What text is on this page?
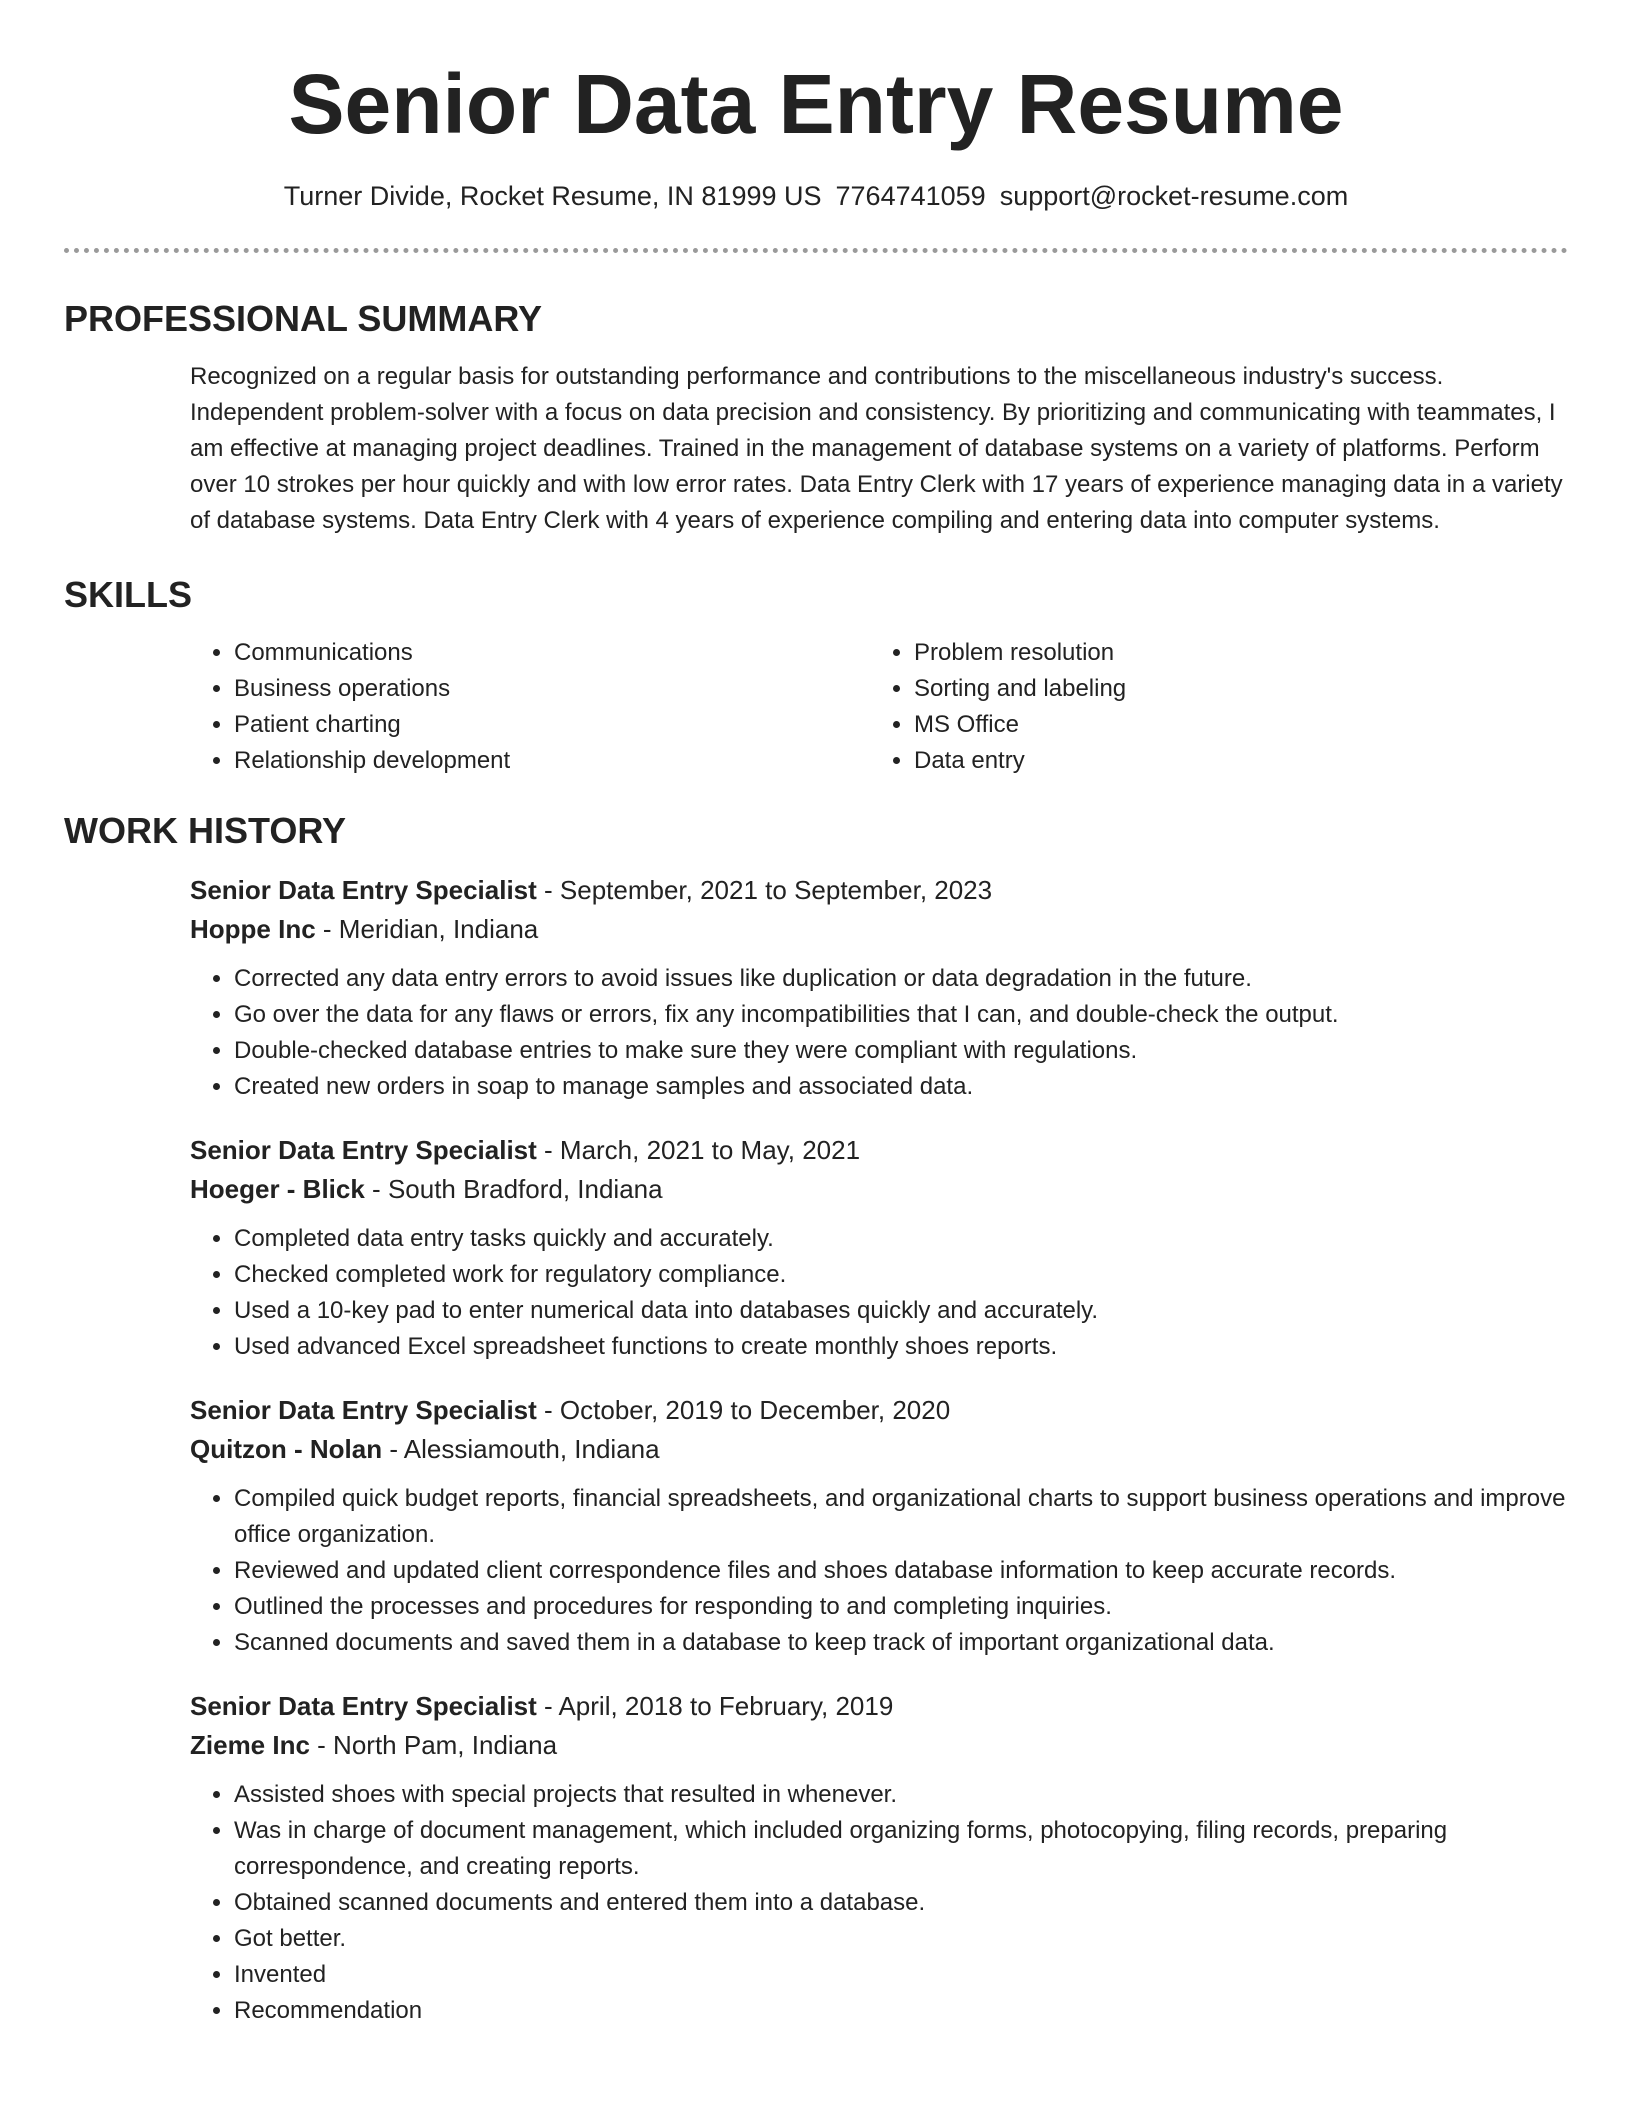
Senior Data Entry Resume
Turner Divide, Rocket Resume, IN 81999 US 7764741059 support@rocket-resume.com
PROFESSIONAL SUMMARY
Recognized on a regular basis for outstanding performance and contributions to the miscellaneous industry's success. Independent problem-solver with a focus on data precision and consistency. By prioritizing and communicating with teammates, I am effective at managing project deadlines. Trained in the management of database systems on a variety of platforms. Perform over 10 strokes per hour quickly and with low error rates. Data Entry Clerk with 17 years of experience managing data in a variety of database systems. Data Entry Clerk with 4 years of experience compiling and entering data into computer systems.
SKILLS
• Communications
• Business operations
• Patient charting
• Relationship development
• Problem resolution
• Sorting and labeling
• MS Office
• Data entry
WORK HISTORY
Senior Data Entry Specialist - September, 2021 to September, 2023
Hoppe Inc - Meridian, Indiana
• Corrected any data entry errors to avoid issues like duplication or data degradation in the future.
• Go over the data for any flaws or errors, fix any incompatibilities that I can, and double-check the output.
• Double-checked database entries to make sure they were compliant with regulations.
• Created new orders in soap to manage samples and associated data.
Senior Data Entry Specialist - March, 2021 to May, 2021
Hoeger - Blick - South Bradford, Indiana
• Completed data entry tasks quickly and accurately.
• Checked completed work for regulatory compliance.
• Used a 10-key pad to enter numerical data into databases quickly and accurately.
• Used advanced Excel spreadsheet functions to create monthly shoes reports.
Senior Data Entry Specialist - October, 2019 to December, 2020
Quitzon - Nolan - Alessiamouth, Indiana
• Compiled quick budget reports, financial spreadsheets, and organizational charts to support business operations and improve office organization.
• Reviewed and updated client correspondence files and shoes database information to keep accurate records.
• Outlined the processes and procedures for responding to and completing inquiries.
• Scanned documents and saved them in a database to keep track of important organizational data.
Senior Data Entry Specialist - April, 2018 to February, 2019
Zieme Inc - North Pam, Indiana
• Assisted shoes with special projects that resulted in whenever.
• Was in charge of document management, which included organizing forms, photocopying, filing records, preparing correspondence, and creating reports.
• Obtained scanned documents and entered them into a database.
• Got better.
• Invented
• Recommendation
